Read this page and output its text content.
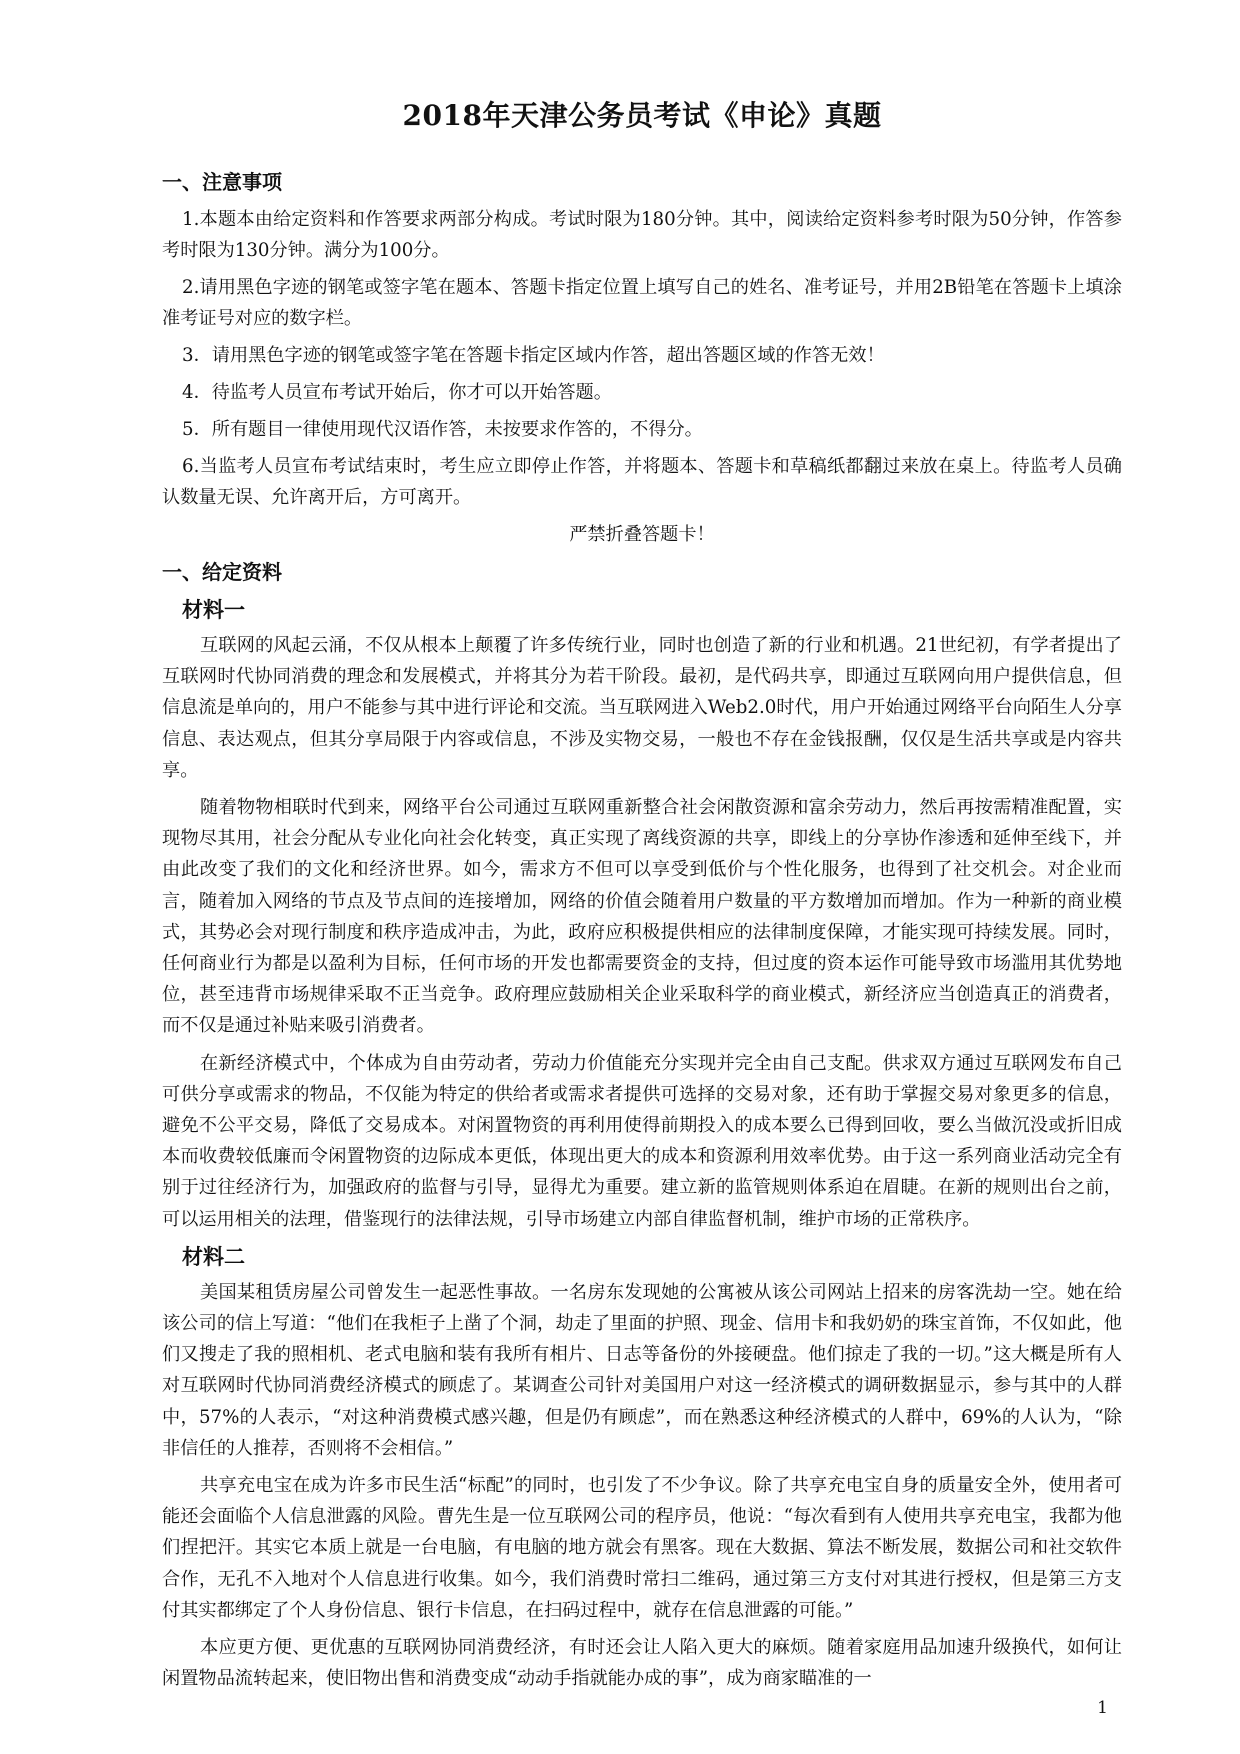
2018年天津公务员考试《申论》真题
一、注意事项

1.本题本由给定资料和作答要求两部分构成。考试时限为180分钟。其中，阅读给定资料参考时限为50分钟，作答参考时限为130分钟。满分为100分。

2.请用黑色字迹的钢笔或签字笔在题本、答题卡指定位置上填写自己的姓名、准考证号，并用2B铅笔在答题卡上填涂准考证号对应的数字栏。

3．请用黑色字迹的钢笔或签字笔在答题卡指定区域内作答，超出答题区域的作答无效！

4．待监考人员宣布考试开始后，你才可以开始答题。

5．所有题目一律使用现代汉语作答，未按要求作答的，不得分。

6.当监考人员宣布考试结束时，考生应立即停止作答，并将题本、答题卡和草稿纸都翻过来放在桌上。待监考人员确认数量无误、允许离开后，方可离开。

严禁折叠答题卡！

一、给定资料
材料一

互联网的风起云涌，不仅从根本上颠覆了许多传统行业，同时也创造了新的行业和机遇。21世纪初，有学者提出了互联网时代协同消费的理念和发展模式，并将其分为若干阶段。最初，是代码共享，即通过互联网向用户提供信息，但信息流是单向的，用户不能参与其中进行评论和交流。当互联网进入Web2.0时代，用户开始通过网络平台向陌生人分享信息、表达观点，但其分享局限于内容或信息，不涉及实物交易，一般也不存在金钱报酬，仅仅是生活共享或是内容共享。

随着物物相联时代到来，网络平台公司通过互联网重新整合社会闲散资源和富余劳动力，然后再按需精准配置，实现物尽其用，社会分配从专业化向社会化转变，真正实现了离线资源的共享，即线上的分享协作渗透和延伸至线下，并由此改变了我们的文化和经济世界。如今，需求方不但可以享受到低价与个性化服务，也得到了社交机会。对企业而言，随着加入网络的节点及节点间的连接增加，网络的价值会随着用户数量的平方数增加而增加。作为一种新的商业模式，其势必会对现行制度和秩序造成冲击，为此，政府应积极提供相应的法律制度保障，才能实现可持续发展。同时，任何商业行为都是以盈利为目标，任何市场的开发也都需要资金的支持，但过度的资本运作可能导致市场滥用其优势地位，甚至违背市场规律采取不正当竞争。政府理应鼓励相关企业采取科学的商业模式，新经济应当创造真正的消费者，而不仅是通过补贴来吸引消费者。

在新经济模式中，个体成为自由劳动者，劳动力价值能充分实现并完全由自己支配。供求双方通过互联网发布自己可供分享或需求的物品，不仅能为特定的供给者或需求者提供可选择的交易对象，还有助于掌握交易对象更多的信息，避免不公平交易，降低了交易成本。对闲置物资的再利用使得前期投入的成本要么已得到回收，要么当做沉没或折旧成本而收费较低廉而令闲置物资的边际成本更低，体现出更大的成本和资源利用效率优势。由于这一系列商业活动完全有别于过往经济行为，加强政府的监督与引导，显得尤为重要。建立新的监管规则体系迫在眉睫。在新的规则出台之前，可以运用相关的法理，借鉴现行的法律法规，引导市场建立内部自律监督机制，维护市场的正常秩序。

材料二

美国某租赁房屋公司曾发生一起恶性事故。一名房东发现她的公寓被从该公司网站上招来的房客洗劫一空。她在给该公司的信上写道：“他们在我柜子上凿了个洞，劫走了里面的护照、现金、信用卡和我奶奶的珠宝首饰，不仅如此，他们又搜走了我的照相机、老式电脑和装有我所有相片、日志等备份的外接硬盘。他们掠走了我的一切。”这大概是所有人对互联网时代协同消费经济模式的顾虑了。某调查公司针对美国用户对这一经济模式的调研数据显示，参与其中的人群中，57%的人表示，“对这种消费模式感兴趣，但是仍有顾虑”，而在熟悉这种经济模式的人群中，69%的人认为，“除非信任的人推荐，否则将不会相信。”

共享充电宝在成为许多市民生活“标配”的同时，也引发了不少争议。除了共享充电宝自身的质量安全外，使用者可能还会面临个人信息泄露的风险。曹先生是一位互联网公司的程序员，他说：“每次看到有人使用共享充电宝，我都为他们捏把汗。其实它本质上就是一台电脑，有电脑的地方就会有黑客。现在大数据、算法不断发展，数据公司和社交软件合作，无孔不入地对个人信息进行收集。如今，我们消费时常扫二维码，通过第三方支付对其进行授权，但是第三方支付其实都绑定了个人身份信息、银行卡信息，在扫码过程中，就存在信息泄露的可能。”

本应更方便、更优惠的互联网协同消费经济，有时还会让人陷入更大的麻烦。随着家庭用品加速升级换代，如何让闲置物品流转起来，使旧物出售和消费变成“动动手指就能办成的事”，成为商家瞄准的一

1
